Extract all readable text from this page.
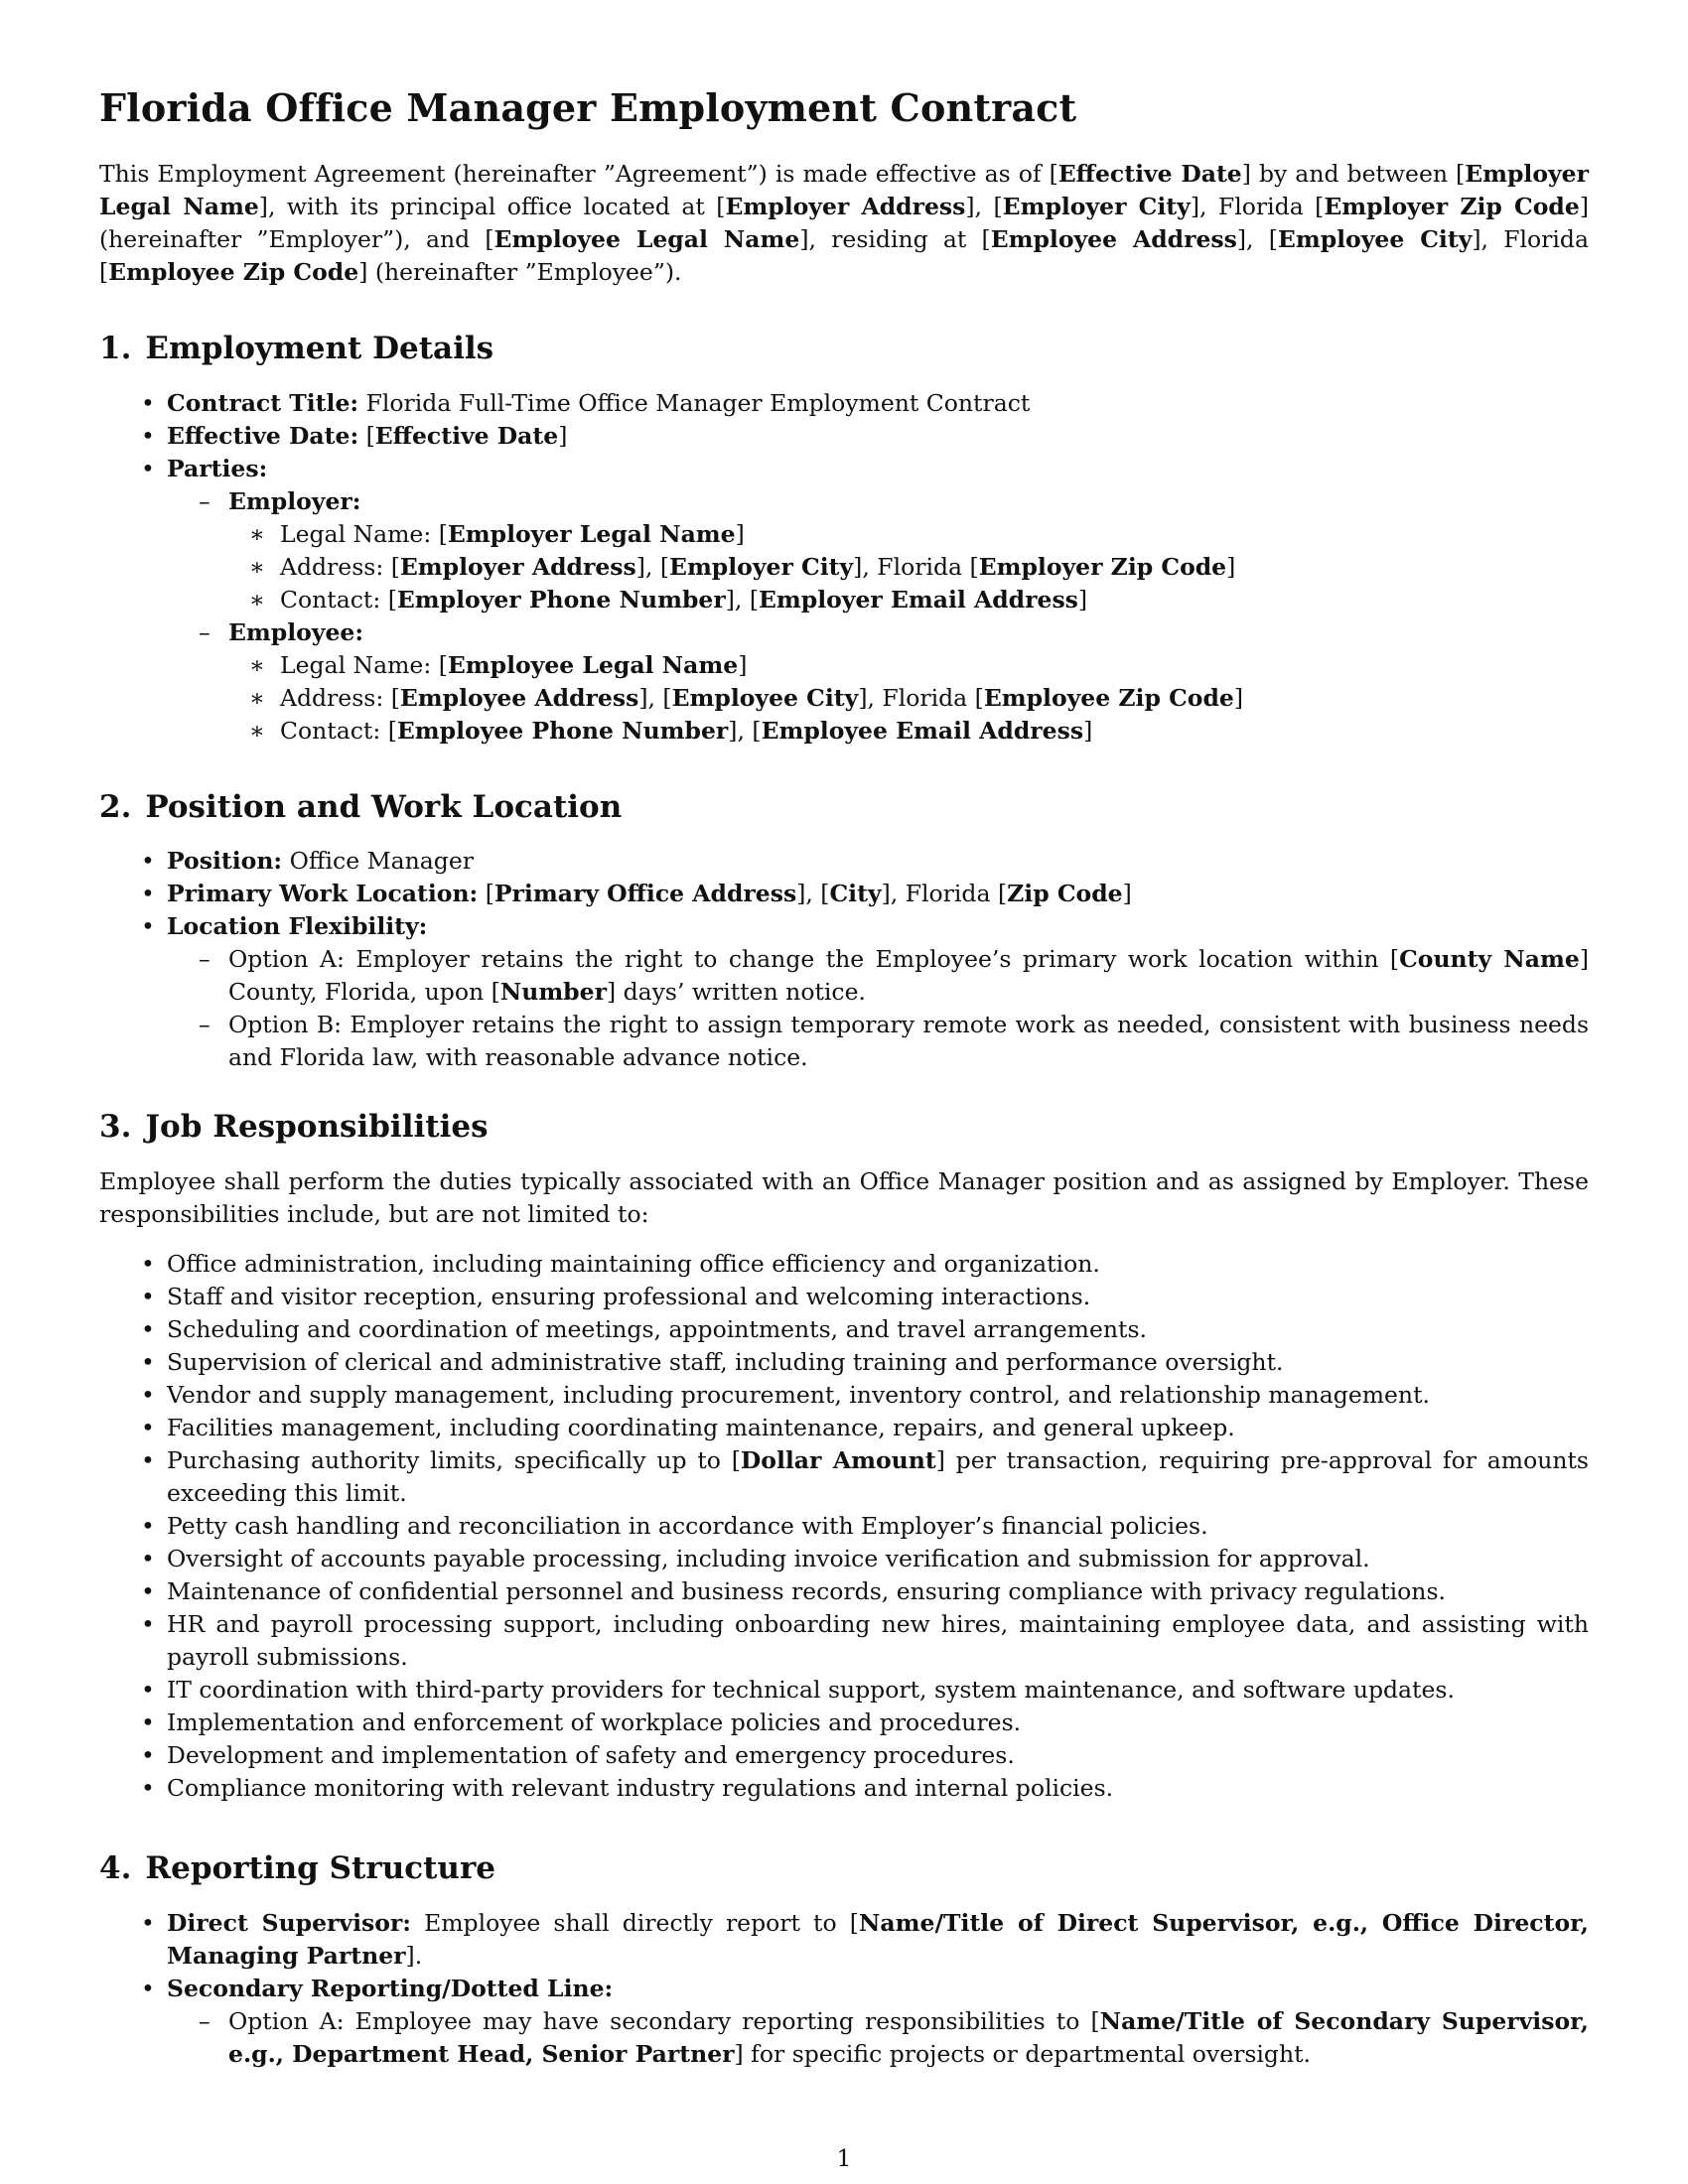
Florida Office Manager Employment Contract

This Employment Agreement (hereinafter ”Agreement”) is made effective as of [Effective Date] by and between [Employer Legal Name], with its principal office located at [Employer Address], [Employer City], Florida [Employer Zip Code] (hereinafter ”Employer”), and [Employee Legal Name], residing at [Employee Address], [Employee City], Florida [Employee Zip Code] (hereinafter ”Employee”).

1. Employment Details
• Contract Title: Florida Full-Time Office Manager Employment Contract
• Effective Date: [Effective Date]
• Parties:
– Employer:
∗ Legal Name: [Employer Legal Name]
∗ Address: [Employer Address], [Employer City], Florida [Employer Zip Code]
∗ Contact: [Employer Phone Number], [Employer Email Address]
– Employee:
∗ Legal Name: [Employee Legal Name]
∗ Address: [Employee Address], [Employee City], Florida [Employee Zip Code]
∗ Contact: [Employee Phone Number], [Employee Email Address]
2. Position and Work Location
• Position: Office Manager
• Primary Work Location: [Primary Office Address], [City], Florida [Zip Code]
• Location Flexibility:
– Option A: Employer retains the right to change the Employee’s primary work location within [County Name] County, Florida, upon [Number] days’ written notice.
– Option B: Employer retains the right to assign temporary remote work as needed, consistent with business needs and Florida law, with reasonable advance notice.
3. Job Responsibilities

Employee shall perform the duties typically associated with an Office Manager position and as assigned by Employer. These responsibilities include, but are not limited to:

• Office administration, including maintaining office efficiency and organization.
• Staff and visitor reception, ensuring professional and welcoming interactions.
• Scheduling and coordination of meetings, appointments, and travel arrangements.
• Supervision of clerical and administrative staff, including training and performance oversight.
• Vendor and supply management, including procurement, inventory control, and relationship management.
• Facilities management, including coordinating maintenance, repairs, and general upkeep.
• Purchasing authority limits, specifically up to [Dollar Amount] per transaction, requiring pre-approval for amounts exceeding this limit.
• Petty cash handling and reconciliation in accordance with Employer’s financial policies.
• Oversight of accounts payable processing, including invoice verification and submission for approval.
• Maintenance of confidential personnel and business records, ensuring compliance with privacy regulations.
• HR and payroll processing support, including onboarding new hires, maintaining employee data, and assisting with payroll submissions.
• IT coordination with third-party providers for technical support, system maintenance, and software updates.
• Implementation and enforcement of workplace policies and procedures.
• Development and implementation of safety and emergency procedures.
• Compliance monitoring with relevant industry regulations and internal policies.
4. Reporting Structure
• Direct Supervisor: Employee shall directly report to [Name/Title of Direct Supervisor, e.g., Office Director, Managing Partner].
• Secondary Reporting/Dotted Line:
– Option A: Employee may have secondary reporting responsibilities to [Name/Title of Secondary Supervisor, e.g., Department Head, Senior Partner] for specific projects or departmental oversight.
1
